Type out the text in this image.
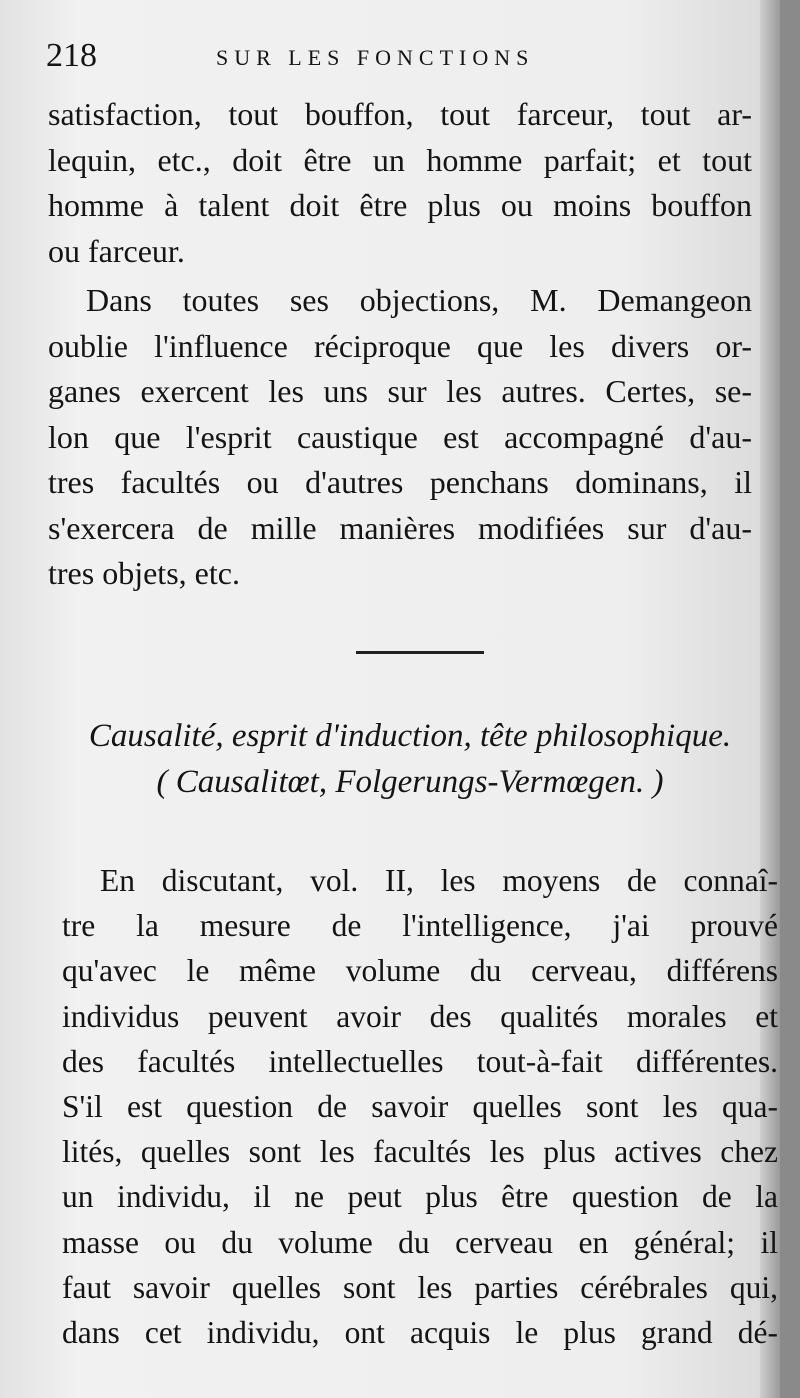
218	SUR LES FONCTIONS
satisfaction, tout bouffon, tout farceur, tout ar-
lequin, etc., doit être un homme parfait; et tout
homme à talent doit être plus ou moins bouffon
ou farceur.
Dans toutes ses objections, M. Demangeon
oublie l'influence réciproque que les divers or-
ganes exercent les uns sur les autres. Certes, se-
lon que l'esprit caustique est accompagné d'au-
tres facultés ou d'autres penchans dominans, il
s'exercera de mille manières modifiées sur d'au-
tres objets, etc.
Causalité, esprit d'induction, tête philosophique.
( Causalitœt, Folgerungs-Vermœgen. )
En discutant, vol. II, les moyens de connaî-
tre la mesure de l'intelligence, j'ai prouvé
qu'avec le même volume du cerveau, différens
individus peuvent avoir des qualités morales et
des facultés intellectuelles tout-à-fait différentes.
S'il est question de savoir quelles sont les qua-
lités, quelles sont les facultés les plus actives chez
un individu, il ne peut plus être question de la
masse ou du volume du cerveau en général; il
faut savoir quelles sont les parties cérébrales qui,
dans cet individu, ont acquis le plus grand dé-
